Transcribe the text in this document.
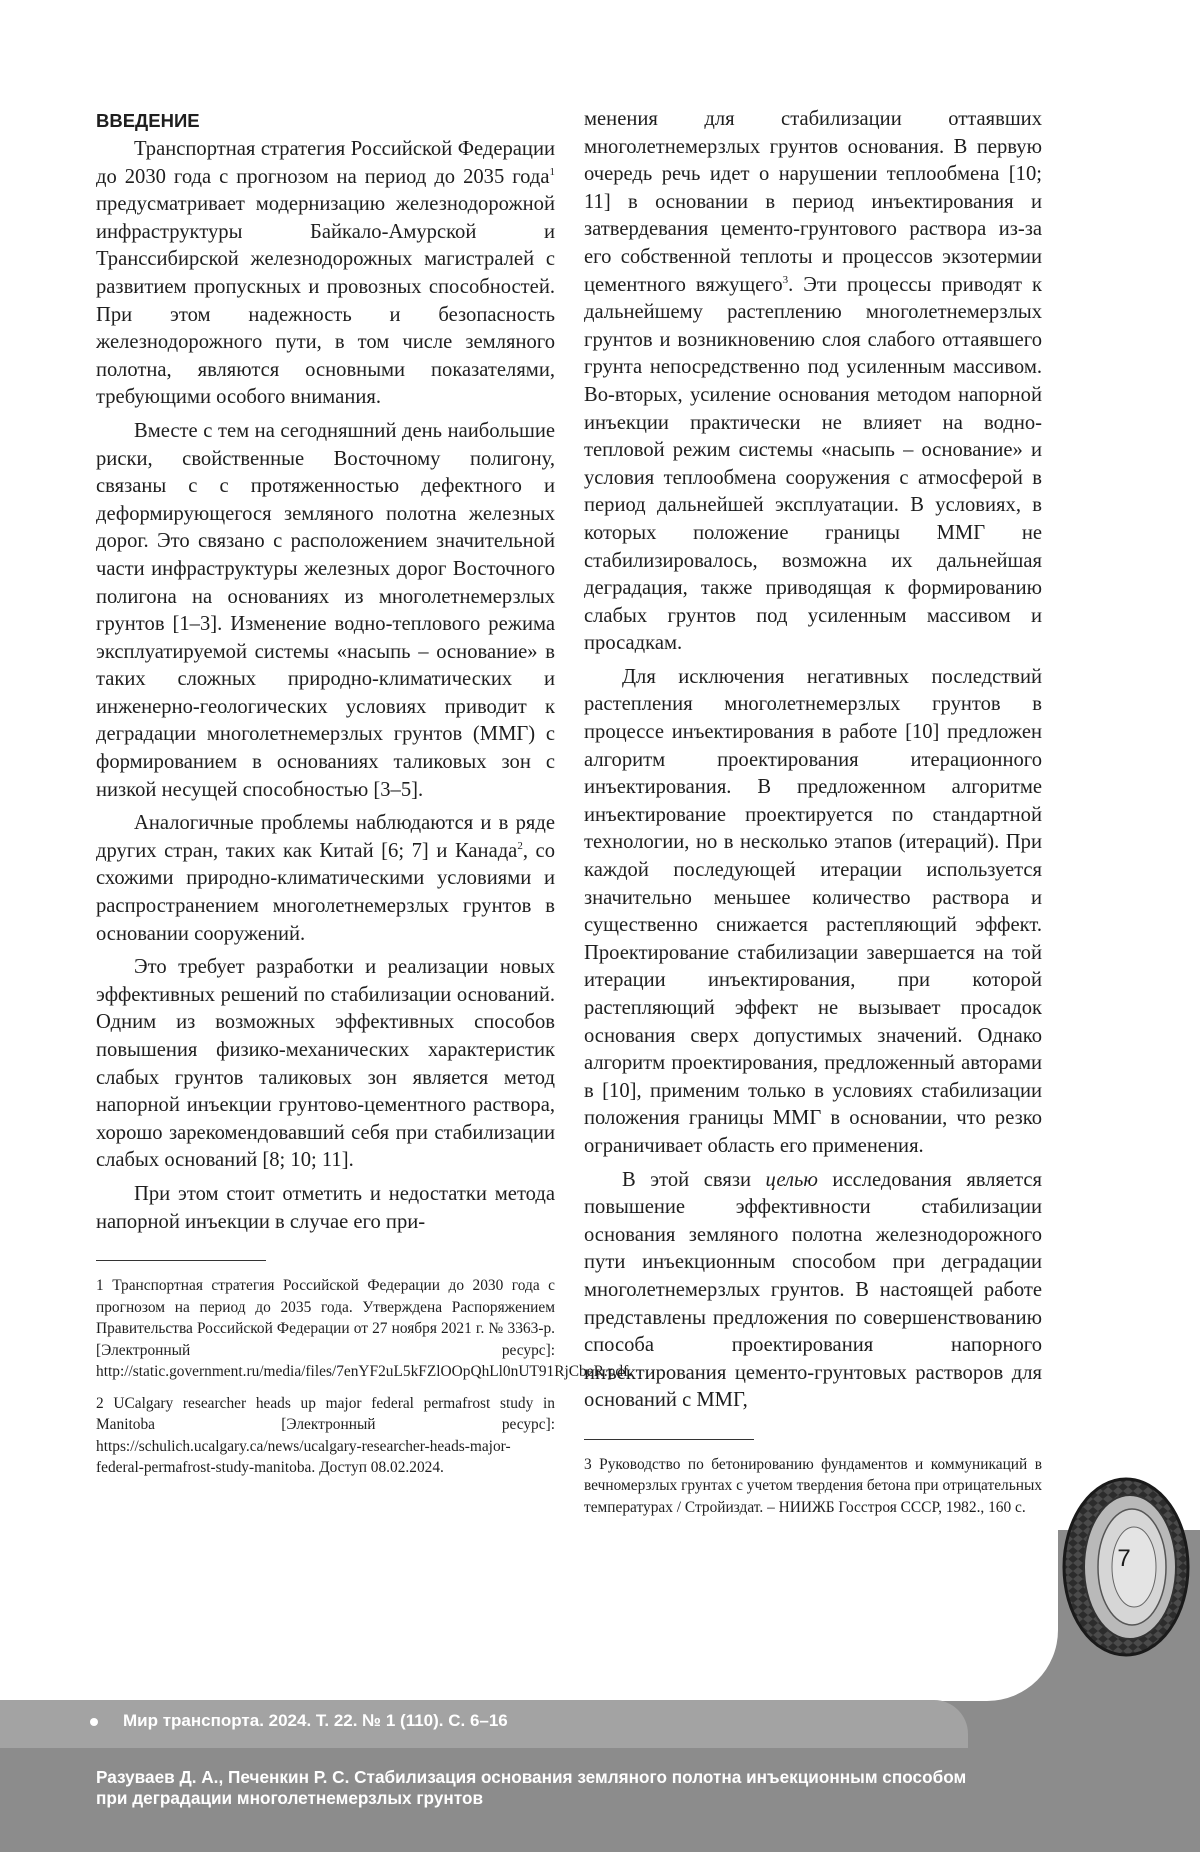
Мир транспорта. 2024. Т. 22. № 1 (110). С. 6–16
Разуваев Д. А., Печенкин Р. С. Стабилизация основания земляного полотна инъекционным способом при деградации многолетнемерзлых грунтов
7
ВВЕДЕНИЕ

Транспортная стратегия Российской Федерации до 2030 года с прогнозом на период до 2035 года$^1$ предусматривает модернизацию железнодорожной инфраструктуры Байкало-Амурской и Транссибирской железнодорожных магистралей с развитием пропускных и провозных способностей. При этом надежность и безопасность железнодорожного пути, в том числе земляного полотна, являются основными показателями, требующими особого внимания.

Вместе с тем на сегодняшний день наибольшие риски, свойственные Восточному полигону, связаны с с протяженностью дефектного и деформирующегося земляного полотна железных дорог. Это связано с расположением значительной части инфраструктуры железных дорог Восточного полигона на основаниях из многолетнемерзлых грунтов [1–3]. Изменение водно-теплового режима эксплуатируемой системы «насыпь – основание» в таких сложных природно-климатических и инженерно-геологических условиях приводит к деградации многолетнемерзлых грунтов (ММГ) с формированием в основаниях таликовых зон с низкой несущей способностью [3–5].

Аналогичные проблемы наблюдаются и в ряде других стран, таких как Китай [6; 7] и Канада$^2$, со схожими природно-климатическими условиями и распространением многолетнемерзлых грунтов в основании сооружений.

Это требует разработки и реализации новых эффективных решений по стабилизации оснований. Одним из возможных эффективных способов повышения физико-механических характеристик слабых грунтов таликовых зон является метод напорной инъекции грунтово-цементного раствора, хорошо зарекомендовавший себя при стабилизации слабых оснований [8; 10; 11].

При этом стоит отметить и недостатки метода напорной инъекции в случае его при-

1 Транспортная стратегия Российской Федерации до 2030 года с прогнозом на период до 2035 года. Утверждена Распоряжением Правительства Российской Федерации от 27 ноября 2021 г. № 3363-р. [Электронный ресурс]: http://static.government.ru/media/files/7enYF2uL5kFZlOOpQhLl0nUT91RjCbeR.pdf.

2 UCalgary researcher heads up major federal permafrost study in Manitoba [Электронный ресурс]: https://schulich.ucalgary.ca/news/ucalgary-researcher-heads-major-federal-permafrost-study-manitoba. Доступ 08.02.2024.

менения для стабилизации оттаявших многолетнемерзлых грунтов основания. В первую очередь речь идет о нарушении теплообмена [10; 11] в основании в период инъектирования и затвердевания цементо-грунтового раствора из-за его собственной теплоты и процессов экзотермии цементного вяжущего$^3$. Эти процессы приводят к дальнейшему растеплению многолетнемерзлых грунтов и возникновению слоя слабого оттаявшего грунта непосредственно под усиленным массивом. Во-вторых, усиление основания методом напорной инъекции практически не влияет на водно-тепловой режим системы «насыпь – основание» и условия теплообмена сооружения с атмосферой в период дальнейшей эксплуатации. В условиях, в которых положение границы ММГ не стабилизировалось, возможна их дальнейшая деградация, также приводящая к формированию слабых грунтов под усиленным массивом и просадкам.

Для исключения негативных последствий растепления многолетнемерзлых грунтов в процессе инъектирования в работе [10] предложен алгоритм проектирования итерационного инъектирования. В предложенном алгоритме инъектирование проектируется по стандартной технологии, но в несколько этапов (итераций). При каждой последующей итерации используется значительно меньшее количество раствора и существенно снижается растепляющий эффект. Проектирование стабилизации завершается на той итерации инъектирования, при которой растепляющий эффект не вызывает просадок основания сверх допустимых значений. Однако алгоритм проектирования, предложенный авторами в [10], применим только в условиях стабилизации положения границы ММГ в основании, что резко ограничивает область его применения.

В этой связи целью исследования является повышение эффективности стабилизации основания земляного полотна железнодорожного пути инъекционным способом при деградации многолетнемерзлых грунтов. В настоящей работе представлены предложения по совершенствованию способа проектирования напорного инъектирования цементо-грунтовых растворов для оснований с ММГ,

3 Руководство по бетонированию фундаментов и коммуникаций в вечномерзлых грунтах с учетом твердения бетона при отрицательных температурах / Стройиздат. – НИИЖБ Госстроя СССР, 1982., 160 с.
